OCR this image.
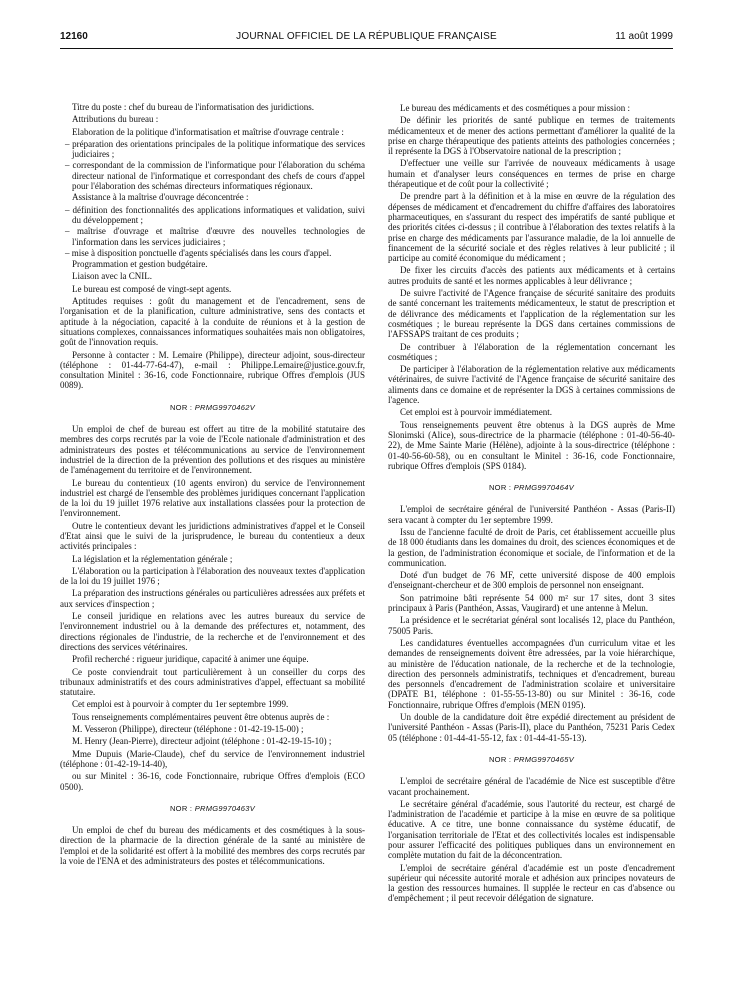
12160	JOURNAL OFFICIEL DE LA RÉPUBLIQUE FRANÇAISE	11 août 1999
Titre du poste : chef du bureau de l'informatisation des juridictions.
Attributions du bureau :
Elaboration de la politique d'informatisation et maîtrise d'ouvrage centrale :
– préparation des orientations principales de la politique informatique des services judiciaires ;
– correspondant de la commission de l'informatique pour l'élaboration du schéma directeur national de l'informatique et correspondant des chefs de cours d'appel pour l'élaboration des schémas directeurs informatiques régionaux.
Assistance à la maîtrise d'ouvrage déconcentrée :
– définition des fonctionnalités des applications informatiques et validation, suivi du développement ;
– maîtrise d'ouvrage et maîtrise d'œuvre des nouvelles technologies de l'information dans les services judiciaires ;
– mise à disposition ponctuelle d'agents spécialisés dans les cours d'appel.
Programmation et gestion budgétaire.
Liaison avec la CNIL.
Le bureau est composé de vingt-sept agents.
Aptitudes requises : goût du management et de l'encadrement, sens de l'organisation et de la planification, culture administrative, sens des contacts et aptitude à la négociation, capacité à la conduite de réunions et à la gestion de situations complexes, connaissances informatiques souhaitées mais non obligatoires, goût de l'innovation requis.
Personne à contacter : M. Lemaire (Philippe), directeur adjoint, sous-directeur (téléphone : 01-44-77-64-47), e-mail : Philippe.Lemaire@justice.gouv.fr, consultation Minitel : 36-16, code Fonctionnaire, rubrique Offres d'emplois (JUS 0089).
NOR : PRMG9970462V
Un emploi de chef de bureau est offert au titre de la mobilité statutaire des membres des corps recrutés par la voie de l'Ecole nationale d'administration et des administrateurs des postes et télécommunications au service de l'environnement industriel de la direction de la prévention des pollutions et des risques au ministère de l'aménagement du territoire et de l'environnement.
Le bureau du contentieux (10 agents environ) du service de l'environnement industriel est chargé de l'ensemble des problèmes juridiques concernant l'application de la loi du 19 juillet 1976 relative aux installations classées pour la protection de l'environnement.
Outre le contentieux devant les juridictions administratives d'appel et le Conseil d'Etat ainsi que le suivi de la jurisprudence, le bureau du contentieux a deux activités principales :
La législation et la réglementation générale ;
L'élaboration ou la participation à l'élaboration des nouveaux textes d'application de la loi du 19 juillet 1976 ;
La préparation des instructions générales ou particulières adressées aux préfets et aux services d'inspection ;
Le conseil juridique en relations avec les autres bureaux du service de l'environnement industriel ou à la demande des préfectures et, notamment, des directions régionales de l'industrie, de la recherche et de l'environnement et des directions des services vétérinaires.
Profil recherché : rigueur juridique, capacité à animer une équipe.
Ce poste conviendrait tout particulièrement à un conseiller du corps des tribunaux administratifs et des cours administratives d'appel, effectuant sa mobilité statutaire.
Cet emploi est à pourvoir à compter du 1er septembre 1999.
Tous renseignements complémentaires peuvent être obtenus auprès de :
M. Vesseron (Philippe), directeur (téléphone : 01-42-19-15-00) ;
M. Henry (Jean-Pierre), directeur adjoint (téléphone : 01-42-19-15-10) ;
Mme Dupuis (Marie-Claude), chef du service de l'environnement industriel (téléphone : 01-42-19-14-40),
ou sur Minitel : 36-16, code Fonctionnaire, rubrique Offres d'emplois (ECO 0500).
NOR : PRMG9970463V
Un emploi de chef du bureau des médicaments et des cosmétiques à la sous-direction de la pharmacie de la direction générale de la santé au ministère de l'emploi et de la solidarité est offert à la mobilité des membres des corps recrutés par la voie de l'ENA et des administrateurs des postes et télécommunications.
Le bureau des médicaments et des cosmétiques a pour mission :
De définir les priorités de santé publique en termes de traitements médicamenteux et de mener des actions permettant d'améliorer la qualité de la prise en charge thérapeutique des patients atteints des pathologies concernées ; il représente la DGS à l'Observatoire national de la prescription ;
D'effectuer une veille sur l'arrivée de nouveaux médicaments à usage humain et d'analyser leurs conséquences en termes de prise en charge thérapeutique et de coût pour la collectivité ;
De prendre part à la définition et à la mise en œuvre de la régulation des dépenses de médicament et d'encadrement du chiffre d'affaires des laboratoires pharmaceutiques, en s'assurant du respect des impératifs de santé publique et des priorités citées ci-dessus ; il contribue à l'élaboration des textes relatifs à la prise en charge des médicaments par l'assurance maladie, de la loi annuelle de financement de la sécurité sociale et des règles relatives à leur publicité ; il participe au comité économique du médicament ;
De fixer les circuits d'accès des patients aux médicaments et à certains autres produits de santé et les normes applicables à leur délivrance ;
De suivre l'activité de l'Agence française de sécurité sanitaire des produits de santé concernant les traitements médicamenteux, le statut de prescription et de délivrance des médicaments et l'application de la réglementation sur les cosmétiques ; le bureau représente la DGS dans certaines commissions de l'AFSSAPS traitant de ces produits ;
De contribuer à l'élaboration de la réglementation concernant les cosmétiques ;
De participer à l'élaboration de la réglementation relative aux médicaments vétérinaires, de suivre l'activité de l'Agence française de sécurité sanitaire des aliments dans ce domaine et de représenter la DGS à certaines commissions de l'agence.
Cet emploi est à pourvoir immédiatement.
Tous renseignements peuvent être obtenus à la DGS auprès de Mme Slonimski (Alice), sous-directrice de la pharmacie (téléphone : 01-40-56-40-22), de Mme Sainte Marie (Hélène), adjointe à la sous-directrice (téléphone : 01-40-56-60-58), ou en consultant le Minitel : 36-16, code Fonctionnaire, rubrique Offres d'emplois (SPS 0184).
NOR : PRMG9970464V
L'emploi de secrétaire général de l'université Panthéon - Assas (Paris-II) sera vacant à compter du 1er septembre 1999.
Issu de l'ancienne faculté de droit de Paris, cet établissement accueille plus de 18 000 étudiants dans les domaines du droit, des sciences économiques et de la gestion, de l'administration économique et sociale, de l'information et de la communication.
Doté d'un budget de 76 MF, cette université dispose de 400 emplois d'enseignant-chercheur et de 300 emplois de personnel non enseignant.
Son patrimoine bâti représente 54 000 m² sur 17 sites, dont 3 sites principaux à Paris (Panthéon, Assas, Vaugirard) et une antenne à Melun.
La présidence et le secrétariat général sont localisés 12, place du Panthéon, 75005 Paris.
Les candidatures éventuelles accompagnées d'un curriculum vitae et les demandes de renseignements doivent être adressées, par la voie hiérarchique, au ministère de l'éducation nationale, de la recherche et de la technologie, direction des personnels administratifs, techniques et d'encadrement, bureau des personnels d'encadrement de l'administration scolaire et universitaire (DPATE B1, téléphone : 01-55-55-13-80) ou sur Minitel : 36-16, code Fonctionnaire, rubrique Offres d'emplois (MEN 0195).
Un double de la candidature doit être expédié directement au président de l'université Panthéon - Assas (Paris-II), place du Panthéon, 75231 Paris Cedex 05 (téléphone : 01-44-41-55-12, fax : 01-44-41-55-13).
NOR : PRMG9970465V
L'emploi de secrétaire général de l'académie de Nice est susceptible d'être vacant prochainement.
Le secrétaire général d'académie, sous l'autorité du recteur, est chargé de l'administration de l'académie et participe à la mise en œuvre de sa politique éducative. A ce titre, une bonne connaissance du système éducatif, de l'organisation territoriale de l'Etat et des collectivités locales est indispensable pour assurer l'efficacité des politiques publiques dans un environnement en complète mutation du fait de la déconcentration.
L'emploi de secrétaire général d'académie est un poste d'encadrement supérieur qui nécessite autorité morale et adhésion aux principes novateurs de la gestion des ressources humaines. Il supplée le recteur en cas d'absence ou d'empêchement ; il peut recevoir délégation de signature.
